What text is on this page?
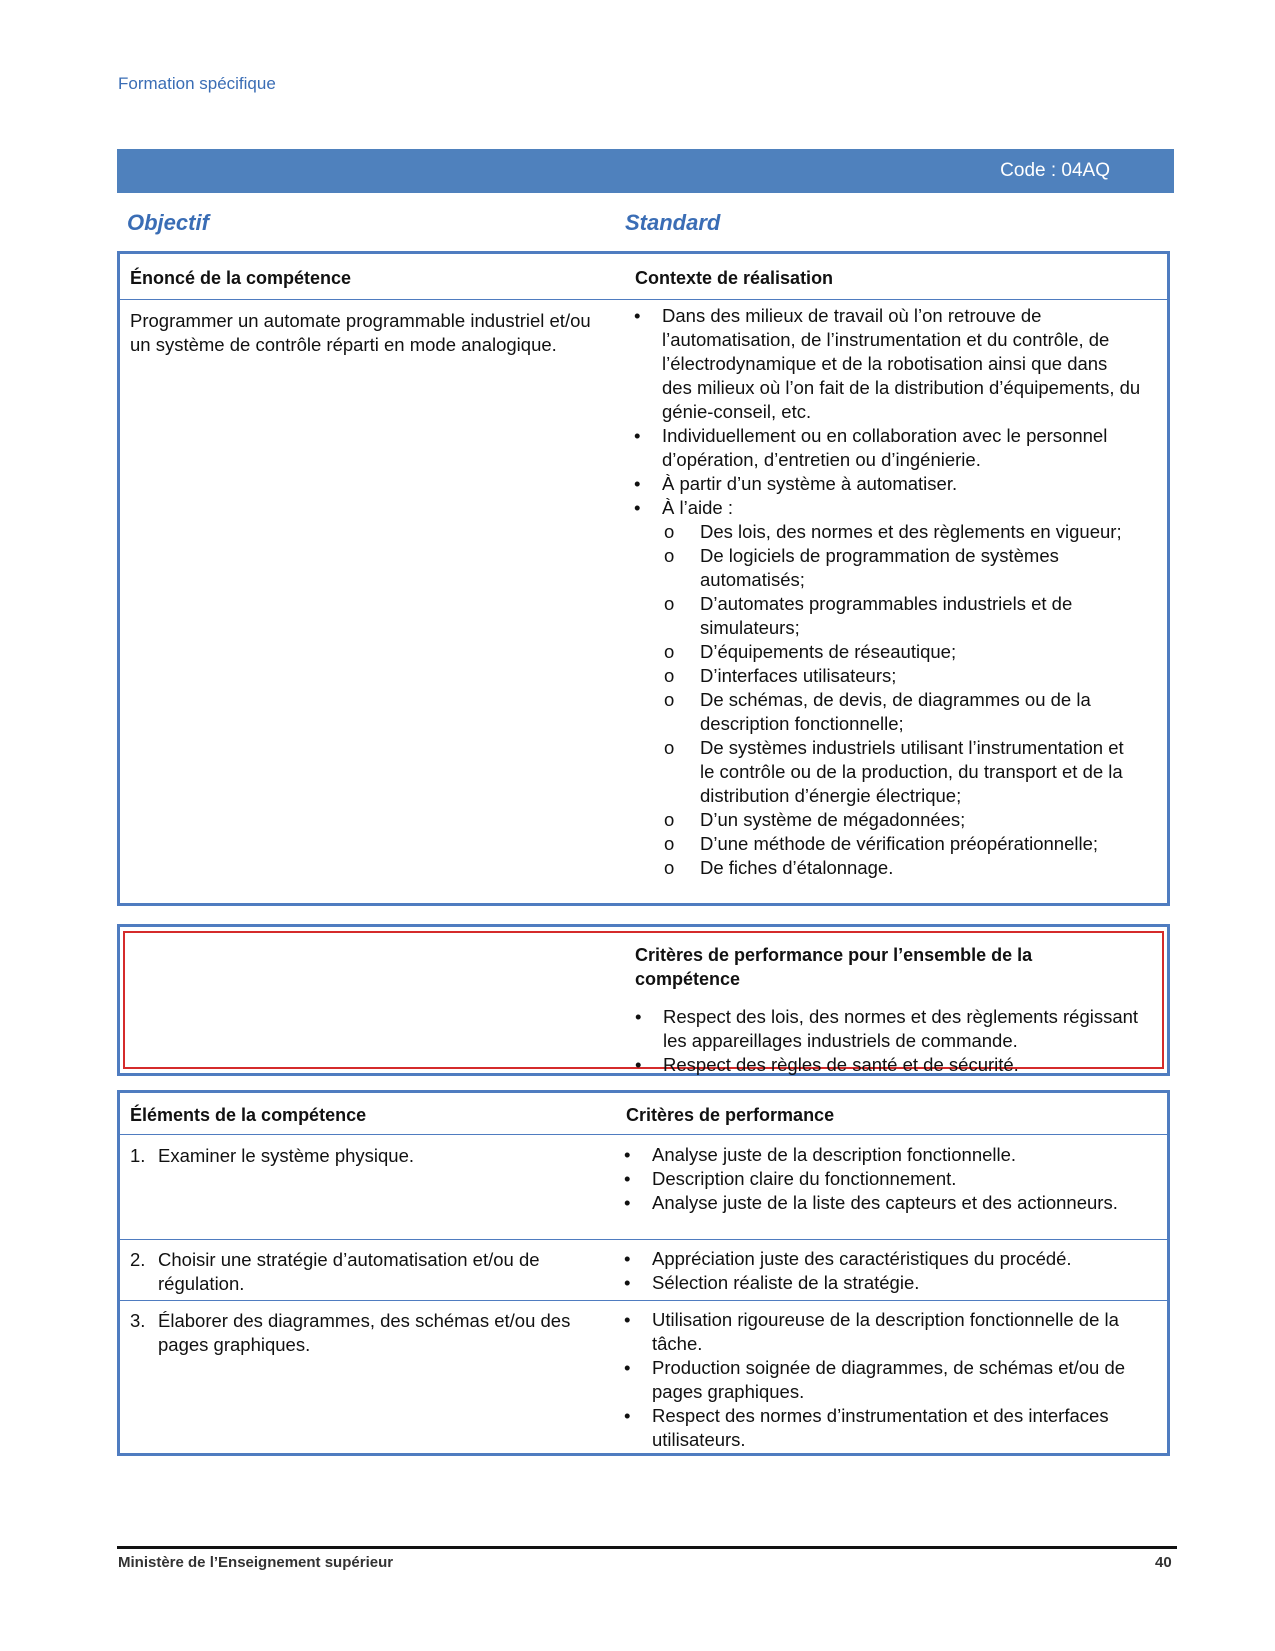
Formation spécifique
Code : 04AQ
Objectif	Standard
Énoncé de la compétence	Contexte de réalisation
Programmer un automate programmable industriel et/ou un système de contrôle réparti en mode analogique.
• Dans des milieux de travail où l’on retrouve de l’automatisation, de l’instrumentation et du contrôle, de l’électrodynamique et de la robotisation ainsi que dans des milieux où l’on fait de la distribution d’équipements, du génie-conseil, etc.
• Individuellement ou en collaboration avec le personnel d’opération, d’entretien ou d’ingénierie.
• À partir d’un système à automatiser.
• À l’aide :
o Des lois, des normes et des règlements en vigueur;
o De logiciels de programmation de systèmes automatisés;
o D’automates programmables industriels et de simulateurs;
o D’équipements de réseautique;
o D’interfaces utilisateurs;
o De schémas, de devis, de diagrammes ou de la description fonctionnelle;
o De systèmes industriels utilisant l’instrumentation et le contrôle ou de la production, du transport et de la distribution d’énergie électrique;
o D’un système de mégadonnées;
o D’une méthode de vérification préopérationnelle;
o De fiches d’étalonnage.
Critères de performance pour l’ensemble de la compétence
• Respect des lois, des normes et des règlements régissant les appareillages industriels de commande.
• Respect des règles de santé et de sécurité.
Éléments de la compétence	Critères de performance
1. Examiner le système physique.
•	Analyse juste de la description fonctionnelle.
• Description claire du fonctionnement.
• Analyse juste de la liste des capteurs et des actionneurs.
2. Choisir une stratégie d’automatisation et/ou de régulation.
• Appréciation juste des caractéristiques du procédé.
• Sélection réaliste de la stratégie.
3. Élaborer des diagrammes, des schémas et/ou des pages graphiques.
• Utilisation rigoureuse de la description fonctionnelle de la tâche.
• Production soignée de diagrammes, de schémas et/ou de pages graphiques.
• Respect des normes d’instrumentation et des interfaces utilisateurs.
Ministère de l’Enseignement supérieur	40
